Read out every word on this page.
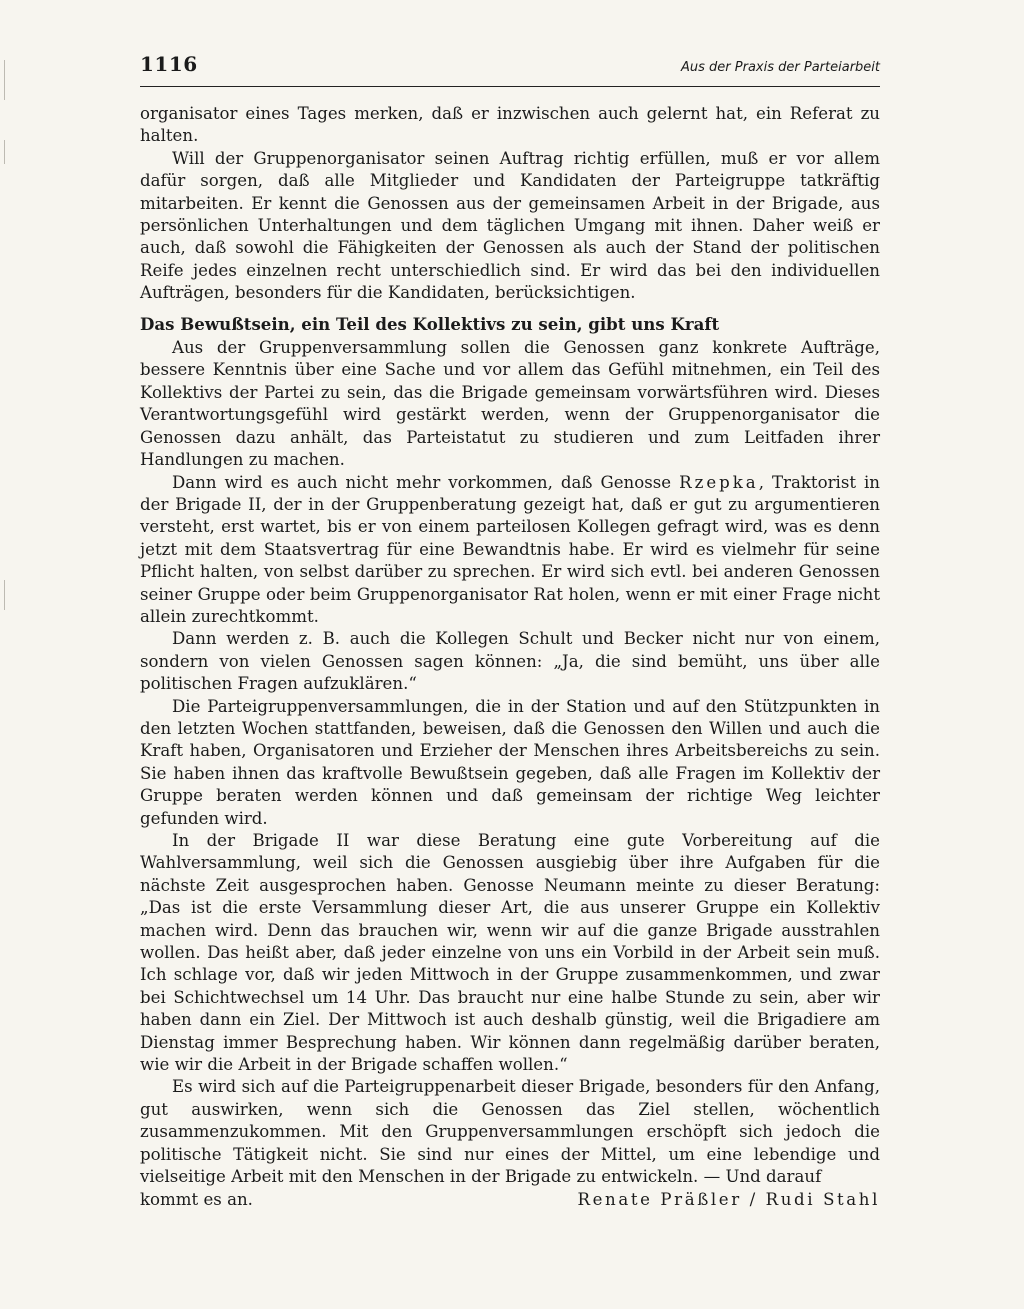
1116	Aus der Praxis der Parteiarbeit

organisator eines Tages merken, daß er inzwischen auch gelernt hat, ein Referat zu halten.

Will der Gruppenorganisator seinen Auftrag richtig erfüllen, muß er vor allem dafür sorgen, daß alle Mitglieder und Kandidaten der Parteigruppe tatkräftig mitarbeiten. Er kennt die Genossen aus der gemeinsamen Arbeit in der Brigade, aus persönlichen Unterhaltungen und dem täglichen Umgang mit ihnen. Daher weiß er auch, daß sowohl die Fähigkeiten der Genossen als auch der Stand der politischen Reife jedes einzelnen recht unterschiedlich sind. Er wird das bei den individuellen Aufträgen, besonders für die Kandidaten, berücksichtigen.

Das Bewußtsein, ein Teil des Kollektivs zu sein, gibt uns Kraft

Aus der Gruppenversammlung sollen die Genossen ganz konkrete Aufträge, bessere Kenntnis über eine Sache und vor allem das Gefühl mitnehmen, ein Teil des Kollektivs der Partei zu sein, das die Brigade gemeinsam vorwärtsführen wird. Dieses Verantwortungsgefühl wird gestärkt werden, wenn der Gruppenorganisator die Genossen dazu anhält, das Parteistatut zu studieren und zum Leitfaden ihrer Handlungen zu machen.

Dann wird es auch nicht mehr vorkommen, daß Genosse Rzepka, Traktorist in der Brigade II, der in der Gruppenberatung gezeigt hat, daß er gut zu argumentieren versteht, erst wartet, bis er von einem parteilosen Kollegen gefragt wird, was es denn jetzt mit dem Staatsvertrag für eine Bewandtnis habe. Er wird es vielmehr für seine Pflicht halten, von selbst darüber zu sprechen. Er wird sich evtl. bei anderen Genossen seiner Gruppe oder beim Gruppenorganisator Rat holen, wenn er mit einer Frage nicht allein zurechtkommt.

Dann werden z. B. auch die Kollegen Schult und Becker nicht nur von einem, sondern von vielen Genossen sagen können: „Ja, die sind bemüht, uns über alle politischen Fragen aufzuklären.“

Die Parteigruppenversammlungen, die in der Station und auf den Stützpunkten in den letzten Wochen stattfanden, beweisen, daß die Genossen den Willen und auch die Kraft haben, Organisatoren und Erzieher der Menschen ihres Arbeitsbereichs zu sein. Sie haben ihnen das kraftvolle Bewußtsein gegeben, daß alle Fragen im Kollektiv der Gruppe beraten werden können und daß gemeinsam der richtige Weg leichter gefunden wird.

In der Brigade II war diese Beratung eine gute Vorbereitung auf die Wahlversammlung, weil sich die Genossen ausgiebig über ihre Aufgaben für die nächste Zeit ausgesprochen haben. Genosse Neumann meinte zu dieser Beratung: „Das ist die erste Versammlung dieser Art, die aus unserer Gruppe ein Kollektiv machen wird. Denn das brauchen wir, wenn wir auf die ganze Brigade ausstrahlen wollen. Das heißt aber, daß jeder einzelne von uns ein Vorbild in der Arbeit sein muß. Ich schlage vor, daß wir jeden Mittwoch in der Gruppe zusammenkommen, und zwar bei Schichtwechsel um 14 Uhr. Das braucht nur eine halbe Stunde zu sein, aber wir haben dann ein Ziel. Der Mittwoch ist auch deshalb günstig, weil die Brigadiere am Dienstag immer Besprechung haben. Wir können dann regelmäßig darüber beraten, wie wir die Arbeit in der Brigade schaffen wollen.“

Es wird sich auf die Parteigruppenarbeit dieser Brigade, besonders für den Anfang, gut auswirken, wenn sich die Genossen das Ziel stellen, wöchentlich zusammenzukommen. Mit den Gruppenversammlungen erschöpft sich jedoch die politische Tätigkeit nicht. Sie sind nur eines der Mittel, um eine lebendige und vielseitige Arbeit mit den Menschen in der Brigade zu entwickeln. — Und darauf

kommt es an.	Renate Präßler / Rudi Stahl
